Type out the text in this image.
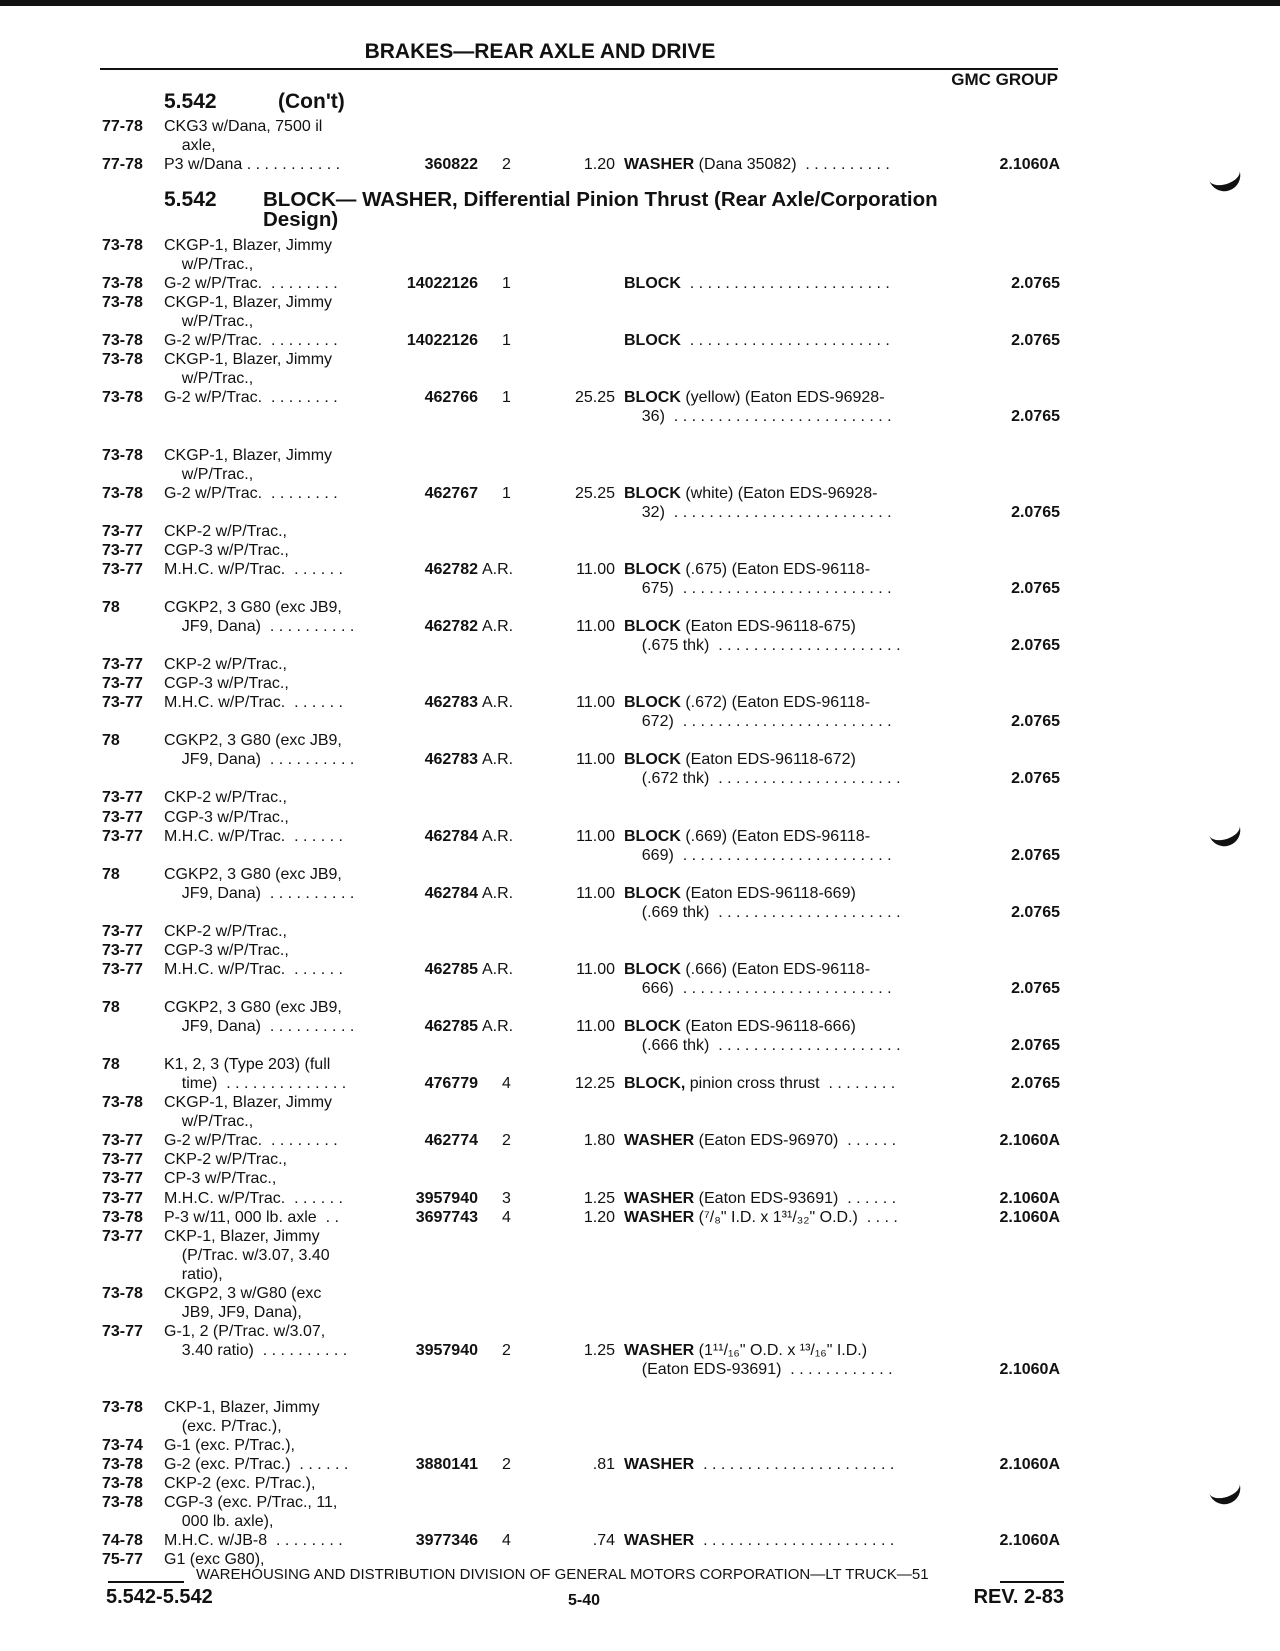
BRAKES—REAR AXLE AND DRIVE
GMC GROUP
5.542	(Con't)
77-78 CKG3 w/Dana, 7500 il
axle,
77-78 P3 w/Dana . . . . . . . . . . .	360822 2	1.20 WASHER (Dana 35082)  . . . . . . . . . .	2.1060A
5.542 BLOCK— WASHER, Differential Pinion Thrust (Rear Axle/Corporation
Design)
73-78 CKGP-1, Blazer, Jimmy
w/P/Trac.,
73-78 G-2 w/P/Trac.  . . . . . . . .	14022126 1	BLOCK  . . . . . . . . . . . . . . . . . . . . . . .	2.0765
73-78 CKGP-1, Blazer, Jimmy
w/P/Trac.,
73-78 G-2 w/P/Trac.  . . . . . . . .	14022126 1	BLOCK  . . . . . . . . . . . . . . . . . . . . . . .	2.0765
73-78 CKGP-1, Blazer, Jimmy
w/P/Trac.,
73-78 G-2 w/P/Trac.  . . . . . . . .	462766 1	25.25 BLOCK (yellow) (Eaton EDS-96928-
36)  . . . . . . . . . . . . . . . . . . . . . . . . .	2.0765
73-78 CKGP-1, Blazer, Jimmy
w/P/Trac.,
73-78 G-2 w/P/Trac.  . . . . . . . .	462767 1	25.25 BLOCK (white) (Eaton EDS-96928-
32)  . . . . . . . . . . . . . . . . . . . . . . . . .	2.0765
73-77 CKP-2 w/P/Trac.,
73-77 CGP-3 w/P/Trac.,
73-77 M.H.C. w/P/Trac.  . . . . . .	462782 A.R.	11.00 BLOCK (.675) (Eaton EDS-96118-
675)  . . . . . . . . . . . . . . . . . . . . . . . .	2.0765
78	CGKP2, 3 G80 (exc JB9,
JF9, Dana)  . . . . . . . . . .	462782 A.R.	11.00 BLOCK (Eaton EDS-96118-675)
(.675 thk)  . . . . . . . . . . . . . . . . . . . . .	2.0765
73-77 CKP-2 w/P/Trac.,
73-77 CGP-3 w/P/Trac.,
73-77 M.H.C. w/P/Trac.  . . . . . .	462783 A.R.	11.00 BLOCK (.672) (Eaton EDS-96118-
672)  . . . . . . . . . . . . . . . . . . . . . . . .	2.0765
78	CGKP2, 3 G80 (exc JB9,
JF9, Dana)  . . . . . . . . . .	462783 A.R.	11.00 BLOCK (Eaton EDS-96118-672)
(.672 thk)  . . . . . . . . . . . . . . . . . . . . .	2.0765
73-77 CKP-2 w/P/Trac.,
73-77 CGP-3 w/P/Trac.,
73-77 M.H.C. w/P/Trac.  . . . . . .	462784 A.R.	11.00 BLOCK (.669) (Eaton EDS-96118-
669)  . . . . . . . . . . . . . . . . . . . . . . . .	2.0765
78	CGKP2, 3 G80 (exc JB9,
JF9, Dana)  . . . . . . . . . .	462784 A.R.	11.00 BLOCK (Eaton EDS-96118-669)
(.669 thk)  . . . . . . . . . . . . . . . . . . . . .	2.0765
73-77 CKP-2 w/P/Trac.,
73-77 CGP-3 w/P/Trac.,
73-77 M.H.C. w/P/Trac.  . . . . . .	462785 A.R.	11.00 BLOCK (.666) (Eaton EDS-96118-
666)  . . . . . . . . . . . . . . . . . . . . . . . .	2.0765
78	CGKP2, 3 G80 (exc JB9,
JF9, Dana)  . . . . . . . . . .	462785 A.R.	11.00 BLOCK (Eaton EDS-96118-666)
(.666 thk)  . . . . . . . . . . . . . . . . . . . . .	2.0765
78	K1, 2, 3 (Type 203) (full
time)  . . . . . . . . . . . . . .	476779 4	12.25 BLOCK, pinion cross thrust  . . . . . . . .	2.0765
73-78 CKGP-1, Blazer, Jimmy
w/P/Trac.,
73-77 G-2 w/P/Trac.  . . . . . . . .	462774 2	1.80 WASHER (Eaton EDS-96970)  . . . . . .	2.1060A
73-77 CKP-2 w/P/Trac.,
73-77 CP-3 w/P/Trac.,
73-77 M.H.C. w/P/Trac.  . . . . . .	3957940 3	1.25 WASHER (Eaton EDS-93691)  . . . . . .	2.1060A
73-78 P-3 w/11, 000 lb. axle  . .	3697743 4	1.20 WASHER (⁷/₈" I.D. x 1³¹/₃₂" O.D.)  . . . .	2.1060A
73-77 CKP-1, Blazer, Jimmy
(P/Trac. w/3.07, 3.40
ratio),
73-78 CKGP2, 3 w/G80 (exc
JB9, JF9, Dana),
73-77 G-1, 2 (P/Trac. w/3.07,
3.40 ratio)  . . . . . . . . . .	3957940 2	1.25 WASHER (1¹¹/₁₆" O.D. x ¹³/₁₆" I.D.)
(Eaton EDS-93691)  . . . . . . . . . . . .	2.1060A
73-78 CKP-1, Blazer, Jimmy
(exc. P/Trac.),
73-74 G-1 (exc. P/Trac.),
73-78 G-2 (exc. P/Trac.)  . . . . . .	3880141 2	.81 WASHER  . . . . . . . . . . . . . . . . . . . . . .	2.1060A
73-78 CKP-2 (exc. P/Trac.),
73-78 CGP-3 (exc. P/Trac., 11,
000 lb. axle),
74-78 M.H.C. w/JB-8  . . . . . . . .	3977346 4	.74 WASHER  . . . . . . . . . . . . . . . . . . . . . .	2.1060A
75-77 G1 (exc G80),
WAREHOUSING AND DISTRIBUTION DIVISION OF GENERAL MOTORS CORPORATION—LT TRUCK—51
5.542-5.542	5-40	REV. 2-83
